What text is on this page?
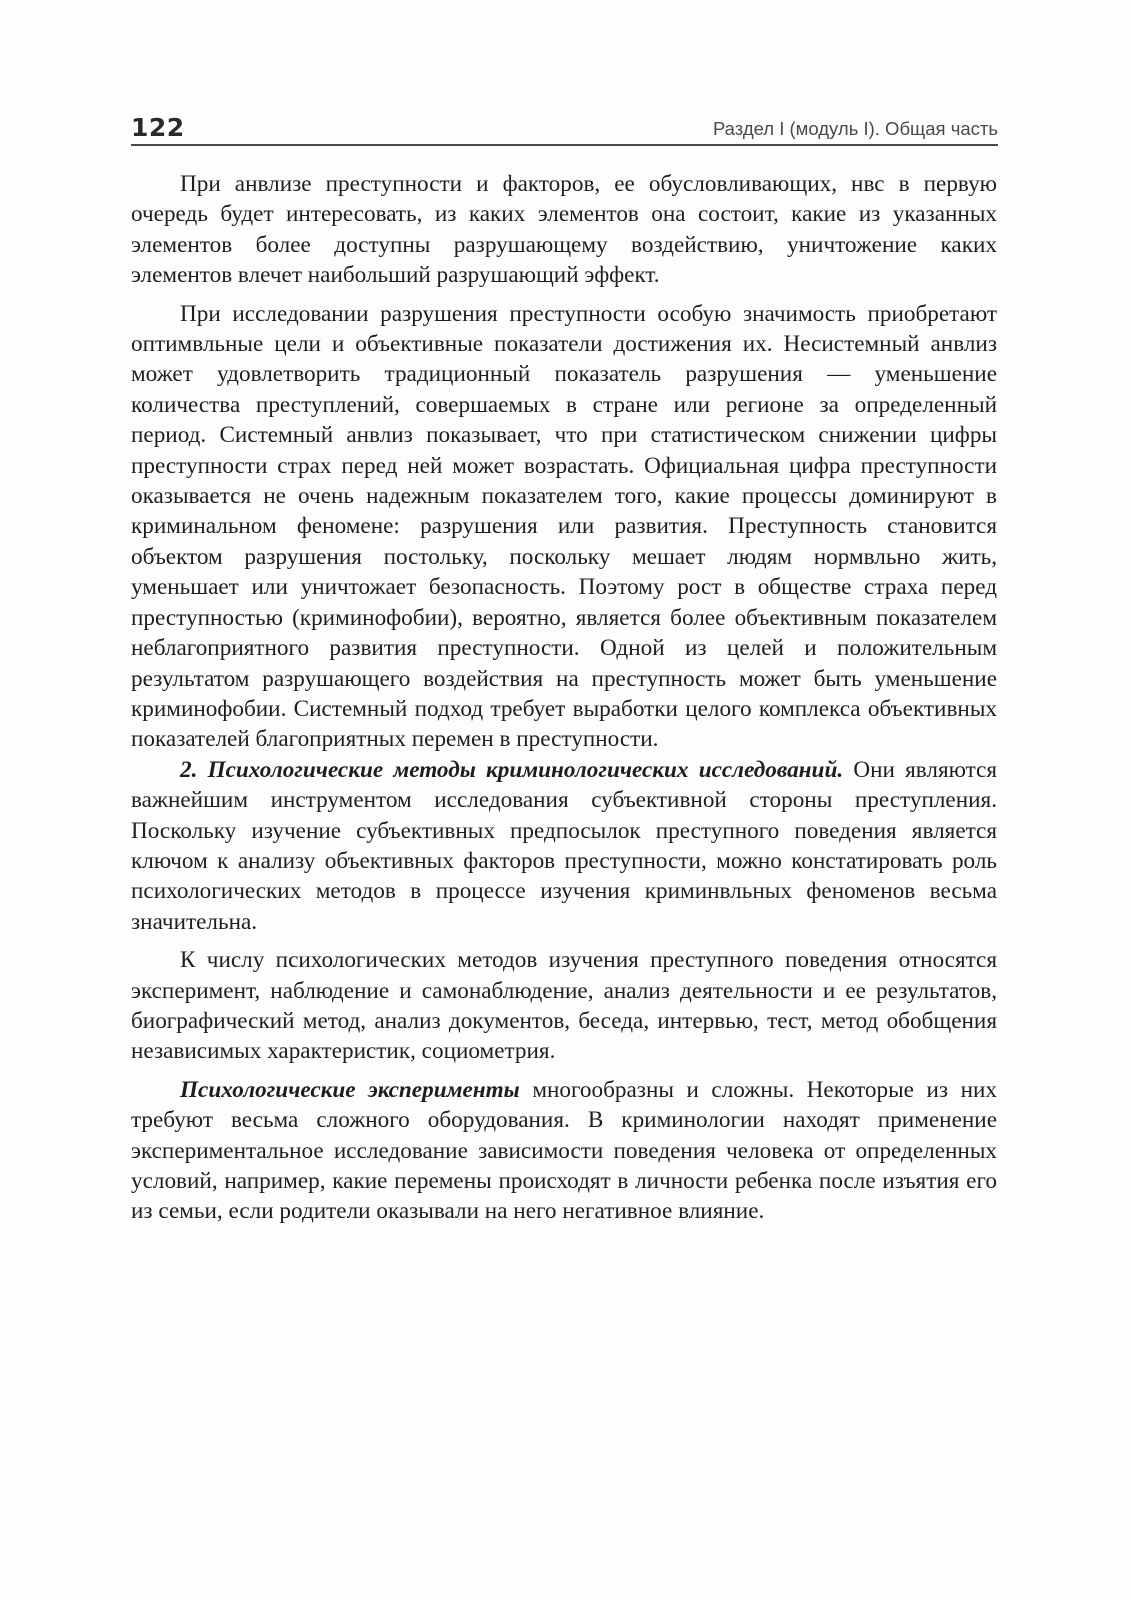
122	Раздел I (модуль I). Общая часть

При анвлизе преступности и факторов, ее обусловливающих, нвс в первую очередь будет интересовать, из каких элементов она состоит, какие из указанных элементов более доступны разрушающему воздействию, уничтожение каких элементов влечет наибольший разрушающий эффект.

При исследовании разрушения преступности особую значимость приобретают оптимвльные цели и объективные показатели достижения их. Несистемный анвлиз может удовлетворить традиционный показатель разрушения — уменьшение количества преступлений, совершаемых в стране или регионе за определенный период. Системный анвлиз показывает, что при статистическом снижении цифры преступности страх перед ней может возрастать. Официальная цифра преступности оказывается не очень надежным показателем того, какие процессы доминируют в криминальном феномене: разрушения или развития. Преступность становится объектом разрушения постольку, поскольку мешает людям нормвльно жить, уменьшает или уничтожает безопасность. Поэтому рост в обществе страха перед преступностью (криминофобии), вероятно, является более объективным показателем неблагоприятного развития преступности. Одной из целей и положительным результатом разрушающего воздействия на преступность может быть уменьшение криминофобии. Системный подход требует выработки целого комплекса объективных показателей благоприятных перемен в преступности.

2. Психологические методы криминологических исследований. Они являются важнейшим инструментом исследования субъективной стороны преступления. Поскольку изучение субъективных предпосылок преступного поведения является ключом к анализу объективных факторов преступности, можно констатировать роль психологических методов в процессе изучения криминвльных феноменов весьма значительна.

К числу психологических методов изучения преступного поведения относятся эксперимент, наблюдение и самонаблюдение, анализ деятельности и ее результатов, биографический метод, анализ документов, беседа, интервью, тест, метод обобщения независимых характеристик, социометрия.

Психологические эксперименты многообразны и сложны. Некоторые из них требуют весьма сложного оборудования. В криминологии находят применение экспериментальное исследование зависимости поведения человека от определенных условий, например, какие перемены происходят в личности ребенка после изъятия его из семьи, если родители оказывали на него негативное влияние.
